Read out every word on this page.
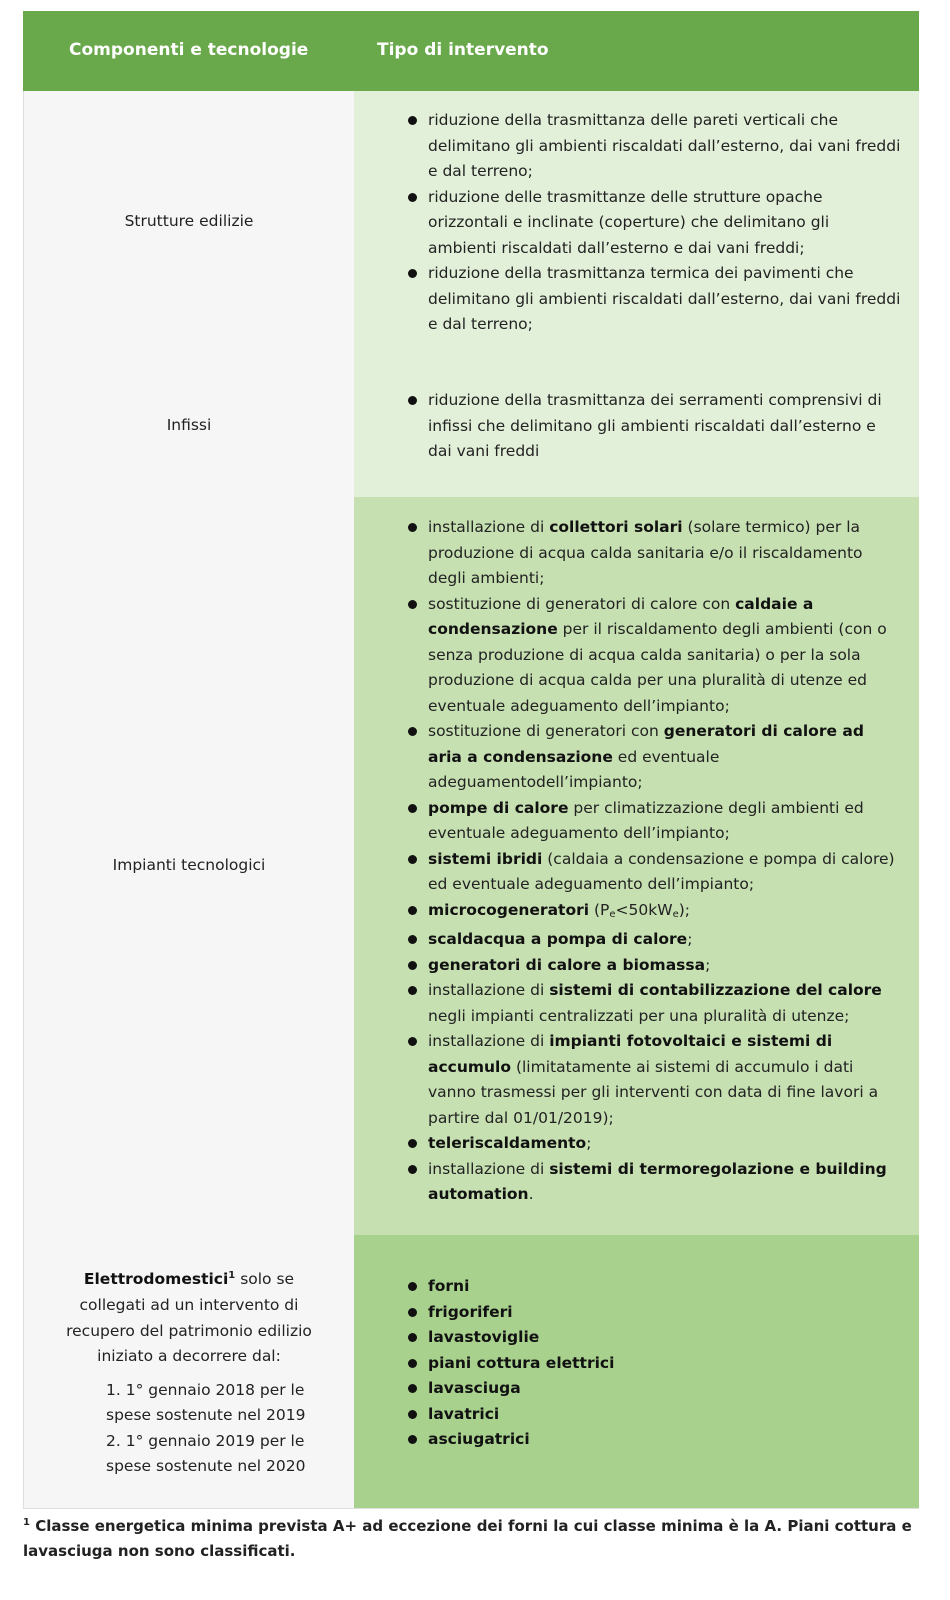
Componenti e tecnologie	Tipo di intervento
Strutture edilizie
Infissi
riduzione della trasmittanza delle pareti verticali che delimitano gli ambienti riscaldati dall’esterno, dai vani freddi e dal terreno;
riduzione delle trasmittanze delle strutture opache orizzontali e inclinate (coperture) che delimitano gli ambienti riscaldati dall’esterno e dai vani freddi;
riduzione della trasmittanza termica dei pavimenti che delimitano gli ambienti riscaldati dall’esterno, dai vani freddi e dal terreno;
riduzione della trasmittanza dei serramenti comprensivi di infissi che delimitano gli ambienti riscaldati dall’esterno e dai vani freddi
Impianti tecnologici
installazione di collettori solari (solare termico) per la produzione di acqua calda sanitaria e/o il riscaldamento degli ambienti;
sostituzione di generatori di calore con caldaie a condensazione per il riscaldamento degli ambienti (con o senza produzione di acqua calda sanitaria) o per la sola produzione di acqua calda per una pluralità di utenze ed eventuale adeguamento dell’impianto;
sostituzione di generatori con generatori di calore ad aria a condensazione ed eventuale adeguamentodell’impianto;
pompe di calore per climatizzazione degli ambienti ed eventuale adeguamento dell’impianto;
sistemi ibridi (caldaia a condensazione e pompa di calore) ed eventuale adeguamento dell’impianto;
microcogeneratori $(P_e<50kW_e)$;
scaldacqua a pompa di calore;
generatori di calore a biomassa;
installazione di sistemi di contabilizzazione del calore negli impianti centralizzati per una pluralità di utenze;
installazione di impianti fotovoltaici e sistemi di accumulo (limitatamente ai sistemi di accumulo i dati vanno trasmessi per gli interventi con data di fine lavori a partire dal 01/01/2019);
teleriscaldamento;
installazione di sistemi di termoregolazione e building automation.
Elettrodomestici$^1$ solo se collegati ad un intervento di recupero del patrimonio edilizio iniziato a decorrere dal:
1. 1° gennaio 2018 per le spese sostenute nel 2019
2. 1° gennaio 2019 per le spese sostenute nel 2020
forni
frigoriferi
lavastoviglie
piani cottura elettrici
lavasciuga
lavatrici
asciugatrici
$^1$ Classe energetica minima prevista A+ ad eccezione dei forni la cui classe minima è la A. Piani cottura e lavasciuga non sono classificati.
